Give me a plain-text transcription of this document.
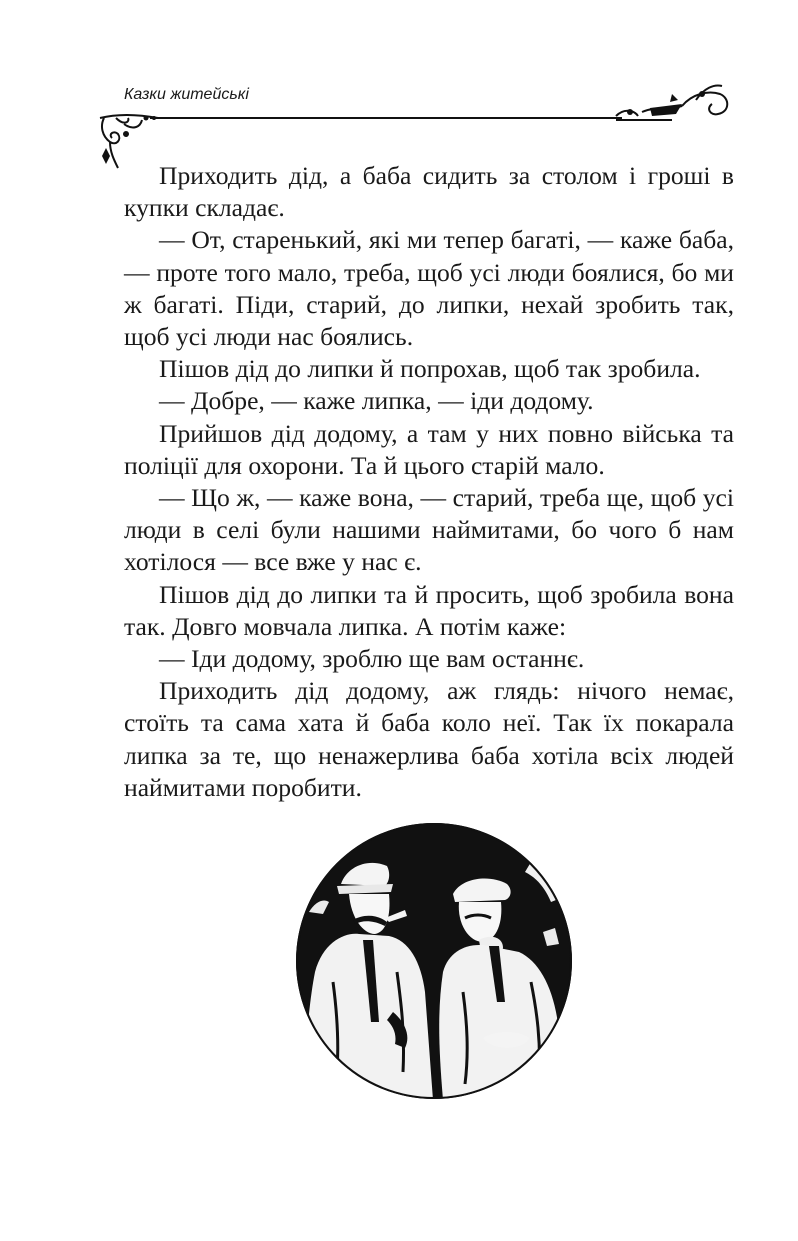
Казки житейські

Приходить дід, а баба сидить за столом і гроші в купки складає.

— От, старенький, які ми тепер багаті, — каже баба, — проте того мало, треба, щоб усі люди боялися, бо ми ж багаті. Піди, старий, до липки, нехай зробить так, щоб усі люди нас боялись.

Пішов дід до липки й попрохав, щоб так зробила.

— Добре, — каже липка, — іди додому.

Прийшов дід додому, а там у них повно війська та поліції для охорони. Та й цього старій мало.

— Що ж, — каже вона, — старий, треба ще, щоб усі люди в селі були нашими наймитами, бо чого б нам хотілося — все вже у нас є.

Пішов дід до липки та й просить, щоб зробила вона так. Довго мовчала липка. А потім каже:

— Іди додому, зроблю ще вам останнє.

Приходить дід додому, аж глядь: нічого немає, стоїть та сама хата й баба коло неї. Так їх покарала липка за те, що ненажерлива баба хотіла всіх людей наймитами поробити.
